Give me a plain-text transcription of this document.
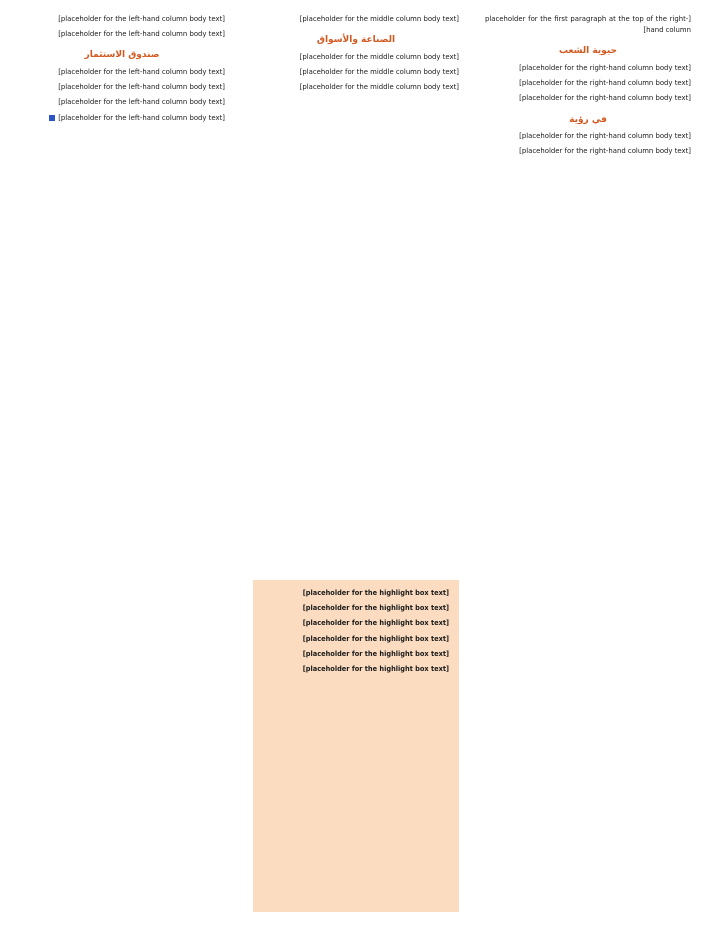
[placeholder for the first paragraph at the top of the right-hand column]

حيوية الشعب

[placeholder for the right-hand column body text]

[placeholder for the right-hand column body text]

[placeholder for the right-hand column body text]

في رؤية

[placeholder for the right-hand column body text]

[placeholder for the right-hand column body text]

[placeholder for the middle column body text]

الصناعة والأسواق

[placeholder for the middle column body text]

[placeholder for the middle column body text]

[placeholder for the middle column body text]

[placeholder for the highlight box text]

[placeholder for the highlight box text]

[placeholder for the highlight box text]

[placeholder for the highlight box text]

[placeholder for the highlight box text]

[placeholder for the highlight box text]

[placeholder for the left-hand column body text]

[placeholder for the left-hand column body text]

صندوق الاستثمار

[placeholder for the left-hand column body text]

[placeholder for the left-hand column body text]

[placeholder for the left-hand column body text]

[placeholder for the left-hand column body text]
